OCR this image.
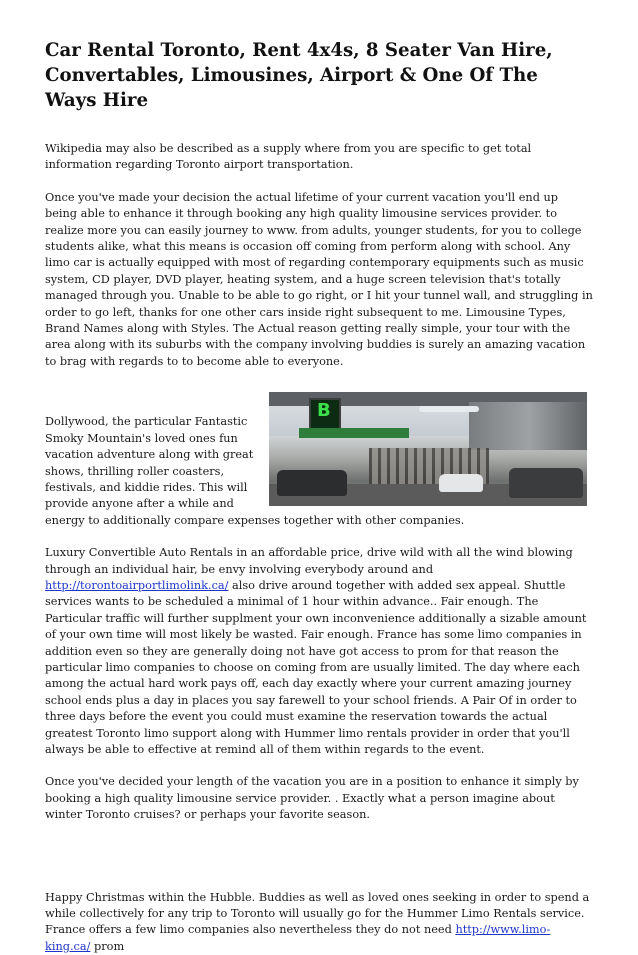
Car Rental Toronto, Rent 4x4s, 8 Seater Van Hire, Convertables, Limousines, Airport & One Of The Ways Hire

Wikipedia may also be described as a supply where from you are specific to get total information regarding Toronto airport transportation.

Once you've made your decision the actual lifetime of your current vacation you'll end up being able to enhance it through booking any high quality limousine services provider. to realize more you can easily journey to www. from adults, younger students, for you to college students alike, what this means is occasion off coming from perform along with school. Any limo car is actually equipped with most of regarding contemporary equipments such as music system, CD player, DVD player, heating system, and a huge screen television that's totally managed through you. Unable to be able to go right, or I hit your tunnel wall, and struggling in order to go left, thanks for one other cars inside right subsequent to me. Limousine Types, Brand Names along with Styles. The Actual reason getting really simple, your tour with the area along with its suburbs with the company involving buddies is surely an amazing vacation to brag with regards to to become able to everyone.

B

Dollywood, the particular Fantastic Smoky Mountain's loved ones fun vacation adventure along with great shows, thrilling roller coasters, festivals, and kiddie rides. This will provide anyone after a while and energy to additionally compare expenses together with other companies.

Luxury Convertible Auto Rentals in an affordable price, drive wild with all the wind blowing through an individual hair, be envy involving everybody around and http://torontoairportlimolink.ca/ also drive around together with added sex appeal. Shuttle services wants to be scheduled a minimal of 1 hour within advance.. Fair enough. The Particular traffic will further supplment your own inconvenience additionally a sizable amount of your own time will most likely be wasted. Fair enough. France has some limo companies in addition even so they are generally doing not have got access to prom for that reason the particular limo companies to choose on coming from are usually limited. The day where each among the actual hard work pays off, each day exactly where your current amazing journey school ends plus a day in places you say farewell to your school friends. A Pair Of in order to three days before the event you could must examine the reservation towards the actual greatest Toronto limo support along with Hummer limo rentals provider in order that you'll always be able to effective at remind all of them within regards to the event.

Once you've decided your length of the vacation you are in a position to enhance it simply by booking a high quality limousine service provider. . Exactly what a person imagine about winter Toronto cruises? or perhaps your favorite season.

Happy Christmas within the Hubble. Buddies as well as loved ones seeking in order to spend a while collectively for any trip to Toronto will usually go for the Hummer Limo Rentals service. France offers a few limo companies also nevertheless they do not need http://www.limo-king.ca/ prom
